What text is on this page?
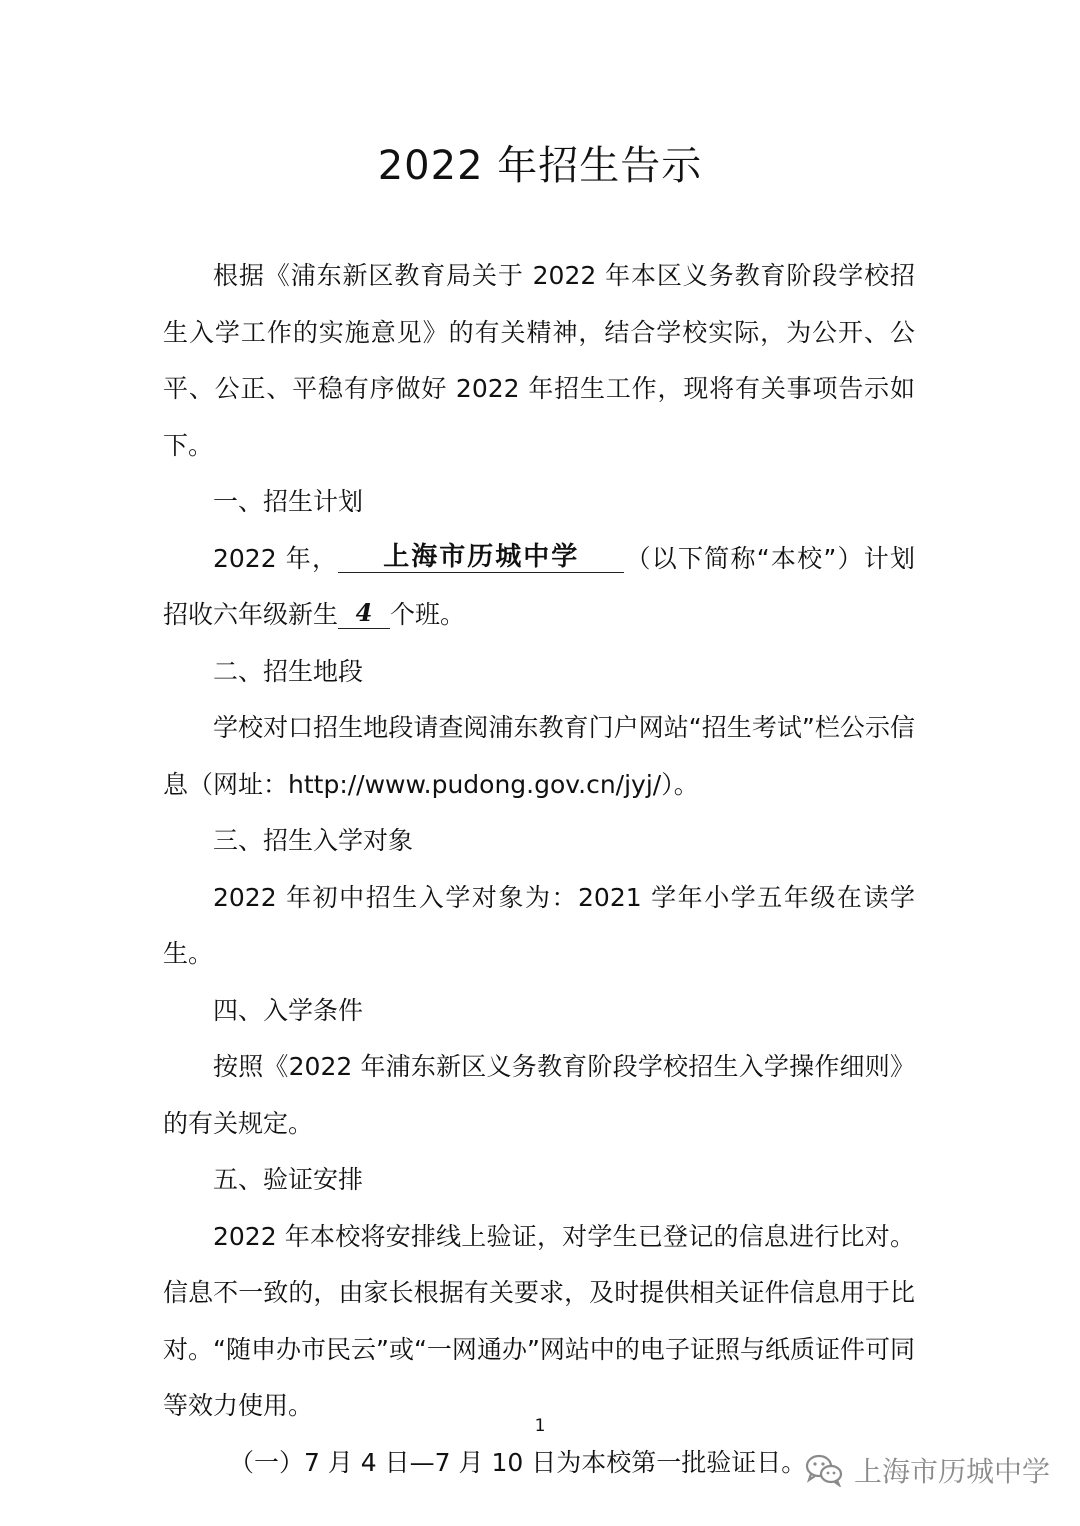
2022 年招生告示

根据《浦东新区教育局关于 2022 年本区义务教育阶段学校招生入学工作的实施意见》的有关精神，结合学校实际，为公开、公平、公正、平稳有序做好 2022 年招生工作，现将有关事项告示如下。

一、招生计划

2022 年， 上海市历城中学 （以下简称“本校”）计划招收六年级新生 4 个班。

二、招生地段

学校对口招生地段请查阅浦东教育门户网站“招生考试”栏公示信息（网址：http://www.pudong.gov.cn/jyj/）。

三、招生入学对象

2022 年初中招生入学对象为：2021 学年小学五年级在读学生。

四、入学条件

按照《2022 年浦东新区义务教育阶段学校招生入学操作细则》的有关规定。

五、验证安排

2022 年本校将安排线上验证，对学生已登记的信息进行比对。信息不一致的，由家长根据有关要求，及时提供相关证件信息用于比对。“随申办市民云”或“一网通办”网站中的电子证照与纸质证件可同等效力使用。

（一）7 月 4 日—7 月 10 日为本校第一批验证日。

1
上海市历城中学
